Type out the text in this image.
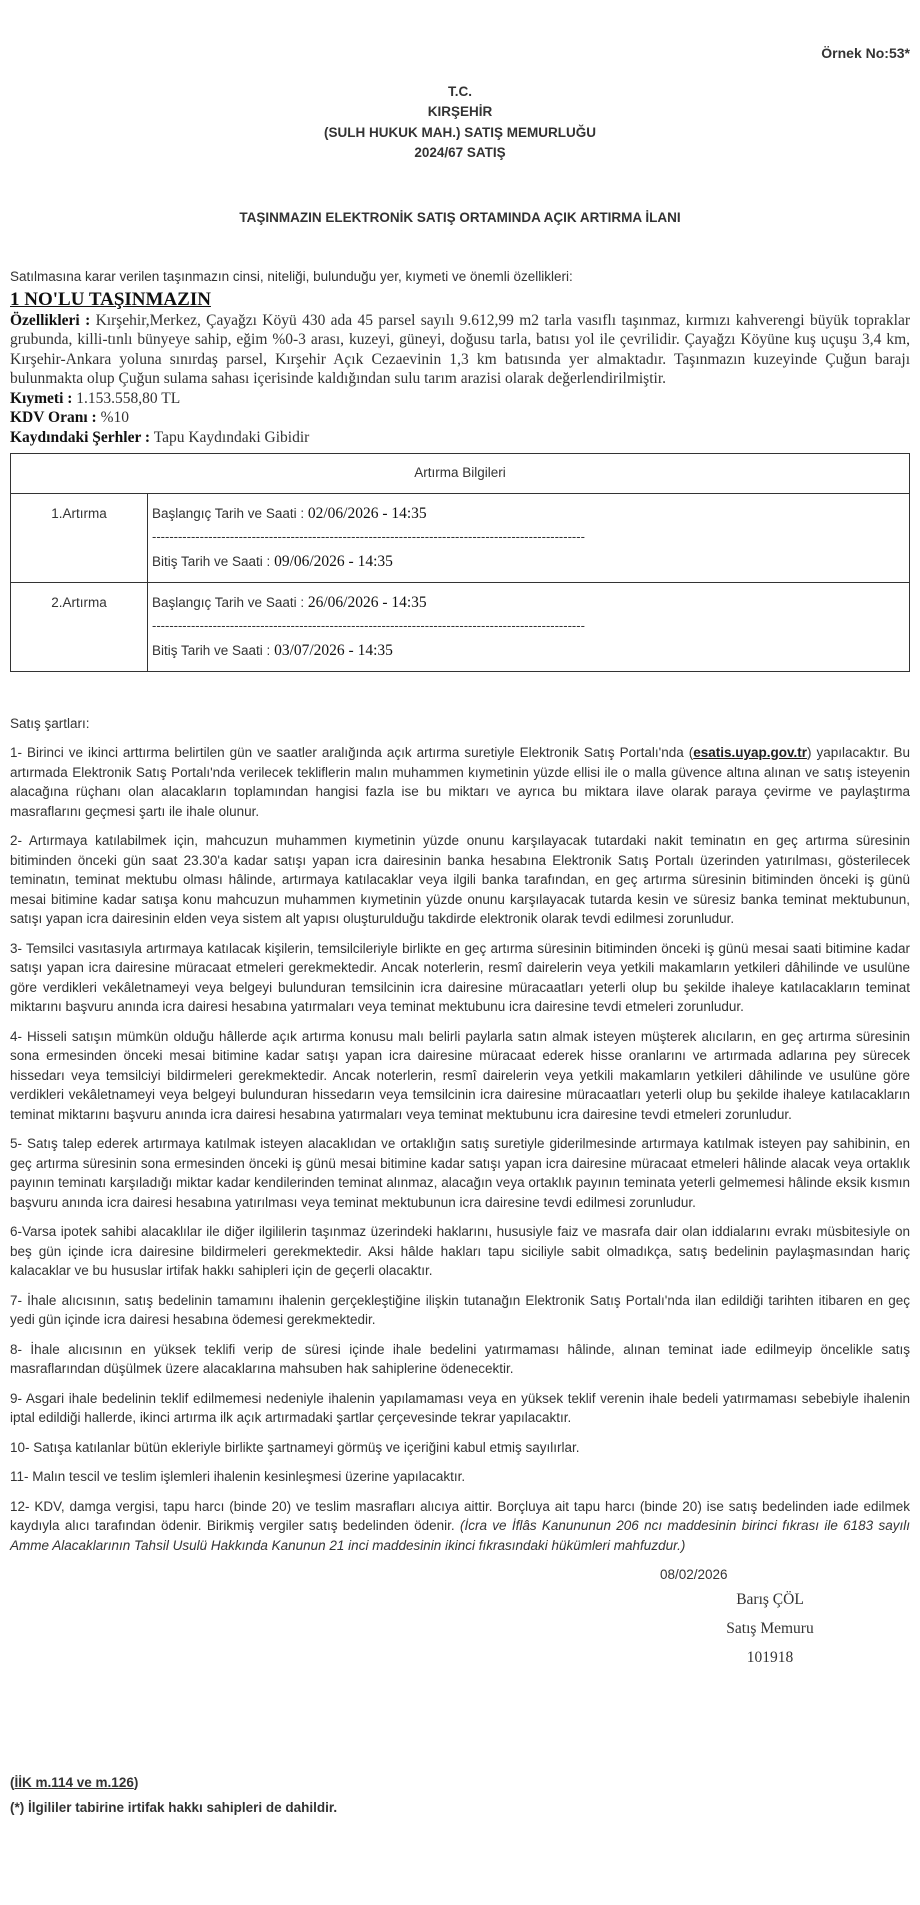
Örnek No:53*
T.C.
KIRŞEHİR
(SULH HUKUK MAH.) SATIŞ MEMURLUĞU
2024/67 SATIŞ
TAŞINMAZIN ELEKTRONİK SATIŞ ORTAMINDA AÇIK ARTIRMA İLANI
Satılmasına karar verilen taşınmazın cinsi, niteliği, bulunduğu yer, kıymeti ve önemli özellikleri:
1 NO'LU TAŞINMAZIN
Özellikleri : Kırşehir,Merkez, Çayağzı Köyü 430 ada 45 parsel sayılı 9.612,99 m2 tarla vasıflı taşınmaz, kırmızı kahverengi büyük topraklar grubunda, killi-tınlı bünyeye sahip, eğim %0-3 arası, kuzeyi, güneyi, doğusu tarla, batısı yol ile çevrilidir. Çayağzı Köyüne kuş uçuşu 3,4 km, Kırşehir-Ankara yoluna sınırdaş parsel, Kırşehir Açık Cezaevinin 1,3 km batısında yer almaktadır. Taşınmazın kuzeyinde Çuğun barajı bulunmakta olup Çuğun sulama sahası içerisinde kaldığından sulu tarım arazisi olarak değerlendirilmiştir.
Kıymeti : 1.153.558,80 TL
KDV Oranı : %10
Kaydındaki Şerhler : Tapu Kaydındaki Gibidir
Artırma Bilgileri	
1.Artırma	Başlangıç Tarih ve Saati : 02/06/2026 - 14:35
----------------------------------------------------------------------------------------------------
Bitiş Tarih ve Saati : 09/06/2026 - 14:35

2.Artırma	Başlangıç Tarih ve Saati : 26/06/2026 - 14:35
----------------------------------------------------------------------------------------------------
Bitiş Tarih ve Saati : 03/07/2026 - 14:35
Satış şartları:

1- Birinci ve ikinci arttırma belirtilen gün ve saatler aralığında açık artırma suretiyle Elektronik Satış Portalı'nda (esatis.uyap.gov.tr) yapılacaktır. Bu artırmada Elektronik Satış Portalı'nda verilecek tekliflerin malın muhammen kıymetinin yüzde ellisi ile o malla güvence altına alınan ve satış isteyenin alacağına rüçhanı olan alacakların toplamından hangisi fazla ise bu miktarı ve ayrıca bu miktara ilave olarak paraya çevirme ve paylaştırma masraflarını geçmesi şartı ile ihale olunur.

2- Artırmaya katılabilmek için, mahcuzun muhammen kıymetinin yüzde onunu karşılayacak tutardaki nakit teminatın en geç artırma süresinin bitiminden önceki gün saat 23.30'a kadar satışı yapan icra dairesinin banka hesabına Elektronik Satış Portalı üzerinden yatırılması, gösterilecek teminatın, teminat mektubu olması hâlinde, artırmaya katılacaklar veya ilgili banka tarafından, en geç artırma süresinin bitiminden önceki iş günü mesai bitimine kadar satışa konu mahcuzun muhammen kıymetinin yüzde onunu karşılayacak tutarda kesin ve süresiz banka teminat mektubunun, satışı yapan icra dairesinin elden veya sistem alt yapısı oluşturulduğu takdirde elektronik olarak tevdi edilmesi zorunludur.

3- Temsilci vasıtasıyla artırmaya katılacak kişilerin, temsilcileriyle birlikte en geç artırma süresinin bitiminden önceki iş günü mesai saati bitimine kadar satışı yapan icra dairesine müracaat etmeleri gerekmektedir. Ancak noterlerin, resmî dairelerin veya yetkili makamların yetkileri dâhilinde ve usulüne göre verdikleri vekâletnameyi veya belgeyi bulunduran temsilcinin icra dairesine müracaatları yeterli olup bu şekilde ihaleye katılacakların teminat miktarını başvuru anında icra dairesi hesabına yatırmaları veya teminat mektubunu icra dairesine tevdi etmeleri zorunludur.

4- Hisseli satışın mümkün olduğu hâllerde açık artırma konusu malı belirli paylarla satın almak isteyen müşterek alıcıların, en geç artırma süresinin sona ermesinden önceki mesai bitimine kadar satışı yapan icra dairesine müracaat ederek hisse oranlarını ve artırmada adlarına pey sürecek hissedarı veya temsilciyi bildirmeleri gerekmektedir. Ancak noterlerin, resmî dairelerin veya yetkili makamların yetkileri dâhilinde ve usulüne göre verdikleri vekâletnameyi veya belgeyi bulunduran hissedarın veya temsilcinin icra dairesine müracaatları yeterli olup bu şekilde ihaleye katılacakların teminat miktarını başvuru anında icra dairesi hesabına yatırmaları veya teminat mektubunu icra dairesine tevdi etmeleri zorunludur.

5- Satış talep ederek artırmaya katılmak isteyen alacaklıdan ve ortaklığın satış suretiyle giderilmesinde artırmaya katılmak isteyen pay sahibinin, en geç artırma süresinin sona ermesinden önceki iş günü mesai bitimine kadar satışı yapan icra dairesine müracaat etmeleri hâlinde alacak veya ortaklık payının teminatı karşıladığı miktar kadar kendilerinden teminat alınmaz, alacağın veya ortaklık payının teminata yeterli gelmemesi hâlinde eksik kısmın başvuru anında icra dairesi hesabına yatırılması veya teminat mektubunun icra dairesine tevdi edilmesi zorunludur.

6-Varsa ipotek sahibi alacaklılar ile diğer ilgililerin taşınmaz üzerindeki haklarını, hususiyle faiz ve masrafa dair olan iddialarını evrakı müsbitesiyle on beş gün içinde icra dairesine bildirmeleri gerekmektedir. Aksi hâlde hakları tapu siciliyle sabit olmadıkça, satış bedelinin paylaşmasından hariç kalacaklar ve bu hususlar irtifak hakkı sahipleri için de geçerli olacaktır.

7- İhale alıcısının, satış bedelinin tamamını ihalenin gerçekleştiğine ilişkin tutanağın Elektronik Satış Portalı'nda ilan edildiği tarihten itibaren en geç yedi gün içinde icra dairesi hesabına ödemesi gerekmektedir.

8- İhale alıcısının en yüksek teklifi verip de süresi içinde ihale bedelini yatırmaması hâlinde, alınan teminat iade edilmeyip öncelikle satış masraflarından düşülmek üzere alacaklarına mahsuben hak sahiplerine ödenecektir.

9- Asgari ihale bedelinin teklif edilmemesi nedeniyle ihalenin yapılamaması veya en yüksek teklif verenin ihale bedeli yatırmaması sebebiyle ihalenin iptal edildiği hallerde, ikinci artırma ilk açık artırmadaki şartlar çerçevesinde tekrar yapılacaktır.

10- Satışa katılanlar bütün ekleriyle birlikte şartnameyi görmüş ve içeriğini kabul etmiş sayılırlar.

11- Malın tescil ve teslim işlemleri ihalenin kesinleşmesi üzerine yapılacaktır.

12- KDV, damga vergisi, tapu harcı (binde 20) ve teslim masrafları alıcıya aittir. Borçluya ait tapu harcı (binde 20) ise satış bedelinden iade edilmek kaydıyla alıcı tarafından ödenir. Birikmiş vergiler satış bedelinden ödenir. (İcra ve İflâs Kanununun 206 ncı maddesinin birinci fıkrası ile 6183 sayılı Amme Alacaklarının Tahsil Usulü Hakkında Kanunun 21 inci maddesinin ikinci fıkrasındaki hükümleri mahfuzdur.)

08/02/2026
Barış ÇÖL
Satış Memuru
101918
(İİK m.114 ve m.126)
(*) İlgililer tabirine irtifak hakkı sahipleri de dahildir.
